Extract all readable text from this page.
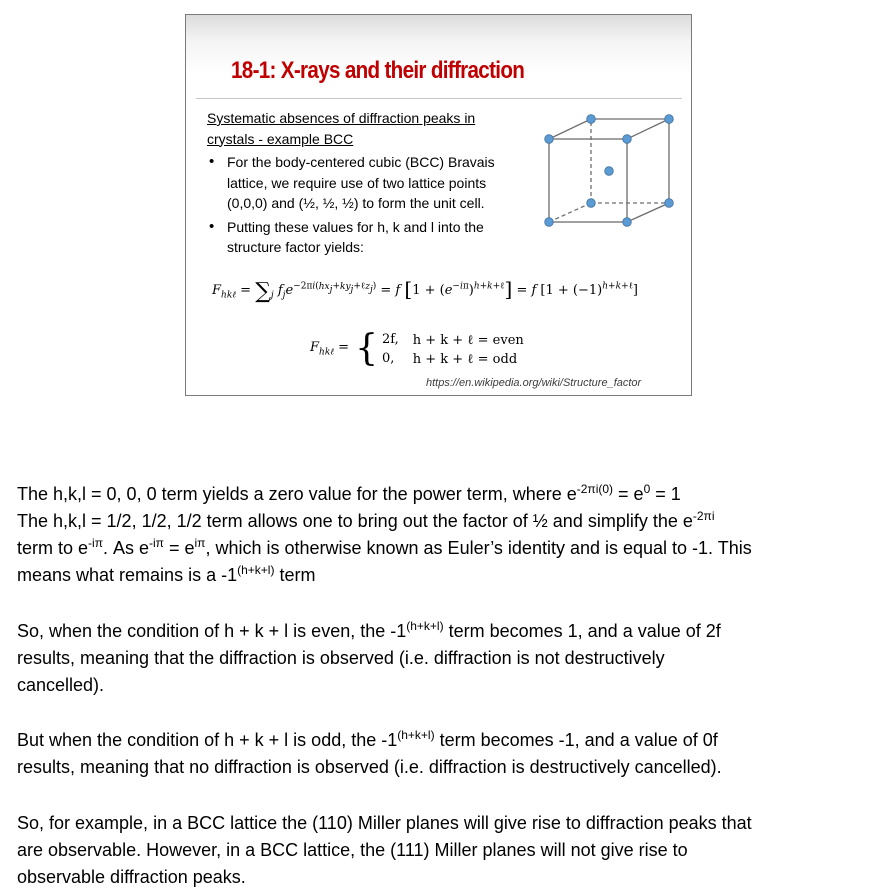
18-1: X-rays and their diffraction
Systematic absences of diffraction peaks in
crystals - example BCC
• For the body-centered cubic (BCC) Bravais
lattice, we require use of two lattice points
(0,0,0) and (½, ½, ½) to form the unit cell.
• Putting these values for h, k and l into the
structure factor yields:
$F_{hk\ell} = \sum_j$ $f_je^{-2\pi i(hx_j+ky_j+\ell z_j)} = f$ $[1 + (e^{-i\pi})^{h+k+\ell}] = f$ $[1 + (-1)^{h+k+\ell}]$
$F_{hk\ell}$ = { 2f, h + k + ℓ = even
0,	h + k + ℓ = odd
https://en.wikipedia.org/wiki/Structure_factor
The h,k,l = 0, 0, 0 term yields a zero value for the power term, where $e^{-2\pi i(0)} = e^0 = 1$
The h,k,l = 1/2, 1/2, 1/2 term allows one to bring out the factor of ½ and simplify the $e^{-2\pi i}$
term to $e^{-i\pi}$. As $e^{-i\pi} = e^{i\pi}$, which is otherwise known as Euler’s identity and is equal to -1. This
means what remains is a $-1^{(h+k+l)}$ term
So, when the condition of h + k + l is even, the $-1^{(h+k+l)}$ term becomes 1, and a value of 2f
results, meaning that the diffraction is observed (i.e. diffraction is not destructively
cancelled).
But when the condition of h + k + l is odd, the $-1^{(h+k+l)}$ term becomes -1, and a value of 0f
results, meaning that no diffraction is observed (i.e. diffraction is destructively cancelled).
So, for example, in a BCC lattice the (110) Miller planes will give rise to diffraction peaks that
are observable. However, in a BCC lattice, the (111) Miller planes will not give rise to
observable diffraction peaks.
